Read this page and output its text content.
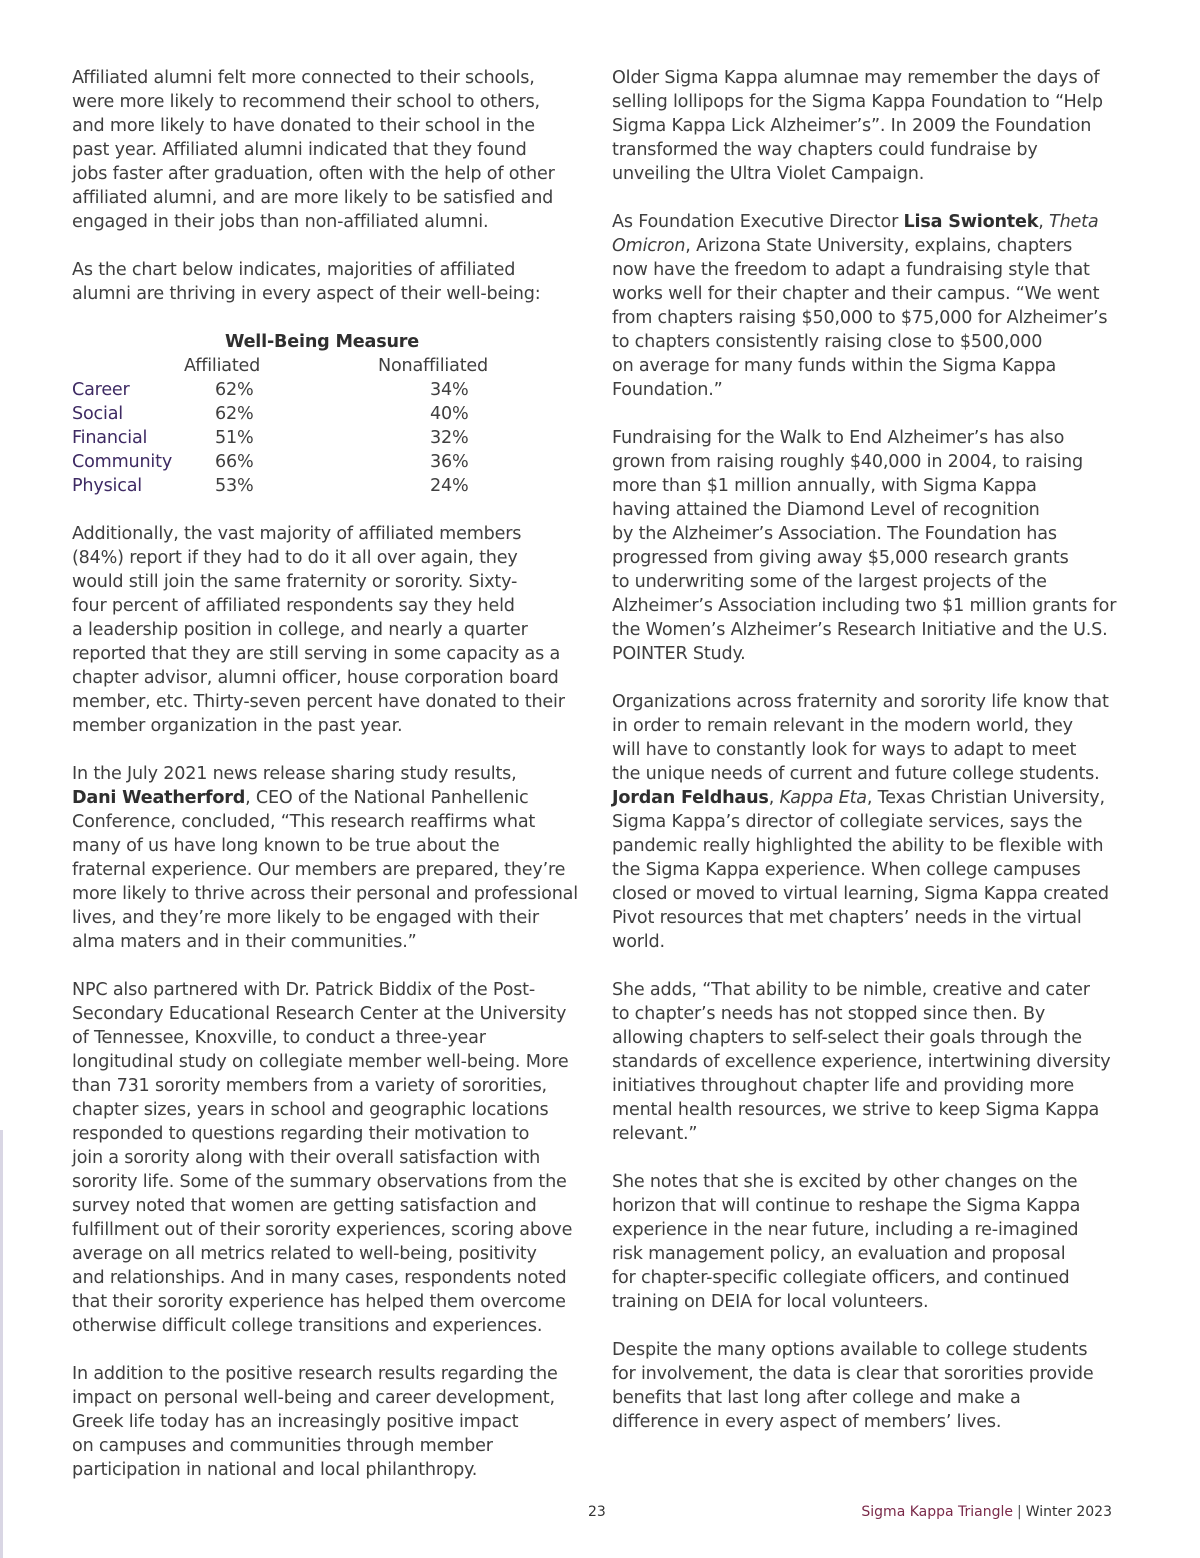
Affiliated alumni felt more connected to their schools,
were more likely to recommend their school to others,
and more likely to have donated to their school in the
past year. Affiliated alumni indicated that they found
jobs faster after graduation, often with the help of other
affiliated alumni, and are more likely to be satisfied and
engaged in their jobs than non-affiliated alumni.

As the chart below indicates, majorities of affiliated
alumni are thriving in every aspect of their well-being:

Well-Being Measure
Affiliated	Nonaffiliated
Career	62%	34%
Social	62%	40%
Financial	51%	32%
Community 66%	36%
Physical	53%	24%

Additionally, the vast majority of affiliated members
(84%) report if they had to do it all over again, they
would still join the same fraternity or sorority. Sixty-
four percent of affiliated respondents say they held
a leadership position in college, and nearly a quarter
reported that they are still serving in some capacity as a
chapter advisor, alumni officer, house corporation board
member, etc. Thirty-seven percent have donated to their
member organization in the past year.

In the July 2021 news release sharing study results,
Dani Weatherford, CEO of the National Panhellenic
Conference, concluded, “This research reaffirms what
many of us have long known to be true about the
fraternal experience. Our members are prepared, they’re
more likely to thrive across their personal and professional
lives, and they’re more likely to be engaged with their
alma maters and in their communities.”

NPC also partnered with Dr. Patrick Biddix of the Post-
Secondary Educational Research Center at the University
of Tennessee, Knoxville, to conduct a three-year
longitudinal study on collegiate member well-being. More
than 731 sorority members from a variety of sororities,
chapter sizes, years in school and geographic locations
responded to questions regarding their motivation to
join a sorority along with their overall satisfaction with
sorority life. Some of the summary observations from the
survey noted that women are getting satisfaction and
fulfillment out of their sorority experiences, scoring above
average on all metrics related to well-being, positivity
and relationships. And in many cases, respondents noted
that their sorority experience has helped them overcome
otherwise difficult college transitions and experiences.

In addition to the positive research results regarding the
impact on personal well-being and career development,
Greek life today has an increasingly positive impact
on campuses and communities through member
participation in national and local philanthropy.

Older Sigma Kappa alumnae may remember the days of
selling lollipops for the Sigma Kappa Foundation to “Help
Sigma Kappa Lick Alzheimer’s”. In 2009 the Foundation
transformed the way chapters could fundraise by
unveiling the Ultra Violet Campaign.

As Foundation Executive Director Lisa Swiontek, Theta
Omicron, Arizona State University, explains, chapters
now have the freedom to adapt a fundraising style that
works well for their chapter and their campus. “We went
from chapters raising $50,000 to $75,000 for Alzheimer’s
to chapters consistently raising close to $500,000
on average for many funds within the Sigma Kappa
Foundation.”

Fundraising for the Walk to End Alzheimer’s has also
grown from raising roughly $40,000 in 2004, to raising
more than $1 million annually, with Sigma Kappa
having attained the Diamond Level of recognition
by the Alzheimer’s Association. The Foundation has
progressed from giving away $5,000 research grants
to underwriting some of the largest projects of the
Alzheimer’s Association including two $1 million grants for
the Women’s Alzheimer’s Research Initiative and the U.S.
POINTER Study.

Organizations across fraternity and sorority life know that
in order to remain relevant in the modern world, they
will have to constantly look for ways to adapt to meet
the unique needs of current and future college students.
Jordan Feldhaus, Kappa Eta, Texas Christian University,
Sigma Kappa’s director of collegiate services, says the
pandemic really highlighted the ability to be flexible with
the Sigma Kappa experience. When college campuses
closed or moved to virtual learning, Sigma Kappa created
Pivot resources that met chapters’ needs in the virtual
world.

She adds, “That ability to be nimble, creative and cater
to chapter’s needs has not stopped since then. By
allowing chapters to self-select their goals through the
standards of excellence experience, intertwining diversity
initiatives throughout chapter life and providing more
mental health resources, we strive to keep Sigma Kappa
relevant.”

She notes that she is excited by other changes on the
horizon that will continue to reshape the Sigma Kappa
experience in the near future, including a re-imagined
risk management policy, an evaluation and proposal
for chapter-specific collegiate officers, and continued
training on DEIA for local volunteers.

Despite the many options available to college students
for involvement, the data is clear that sororities provide
benefits that last long after college and make a
difference in every aspect of members’ lives.

23	Sigma Kappa Triangle | Winter 2023
